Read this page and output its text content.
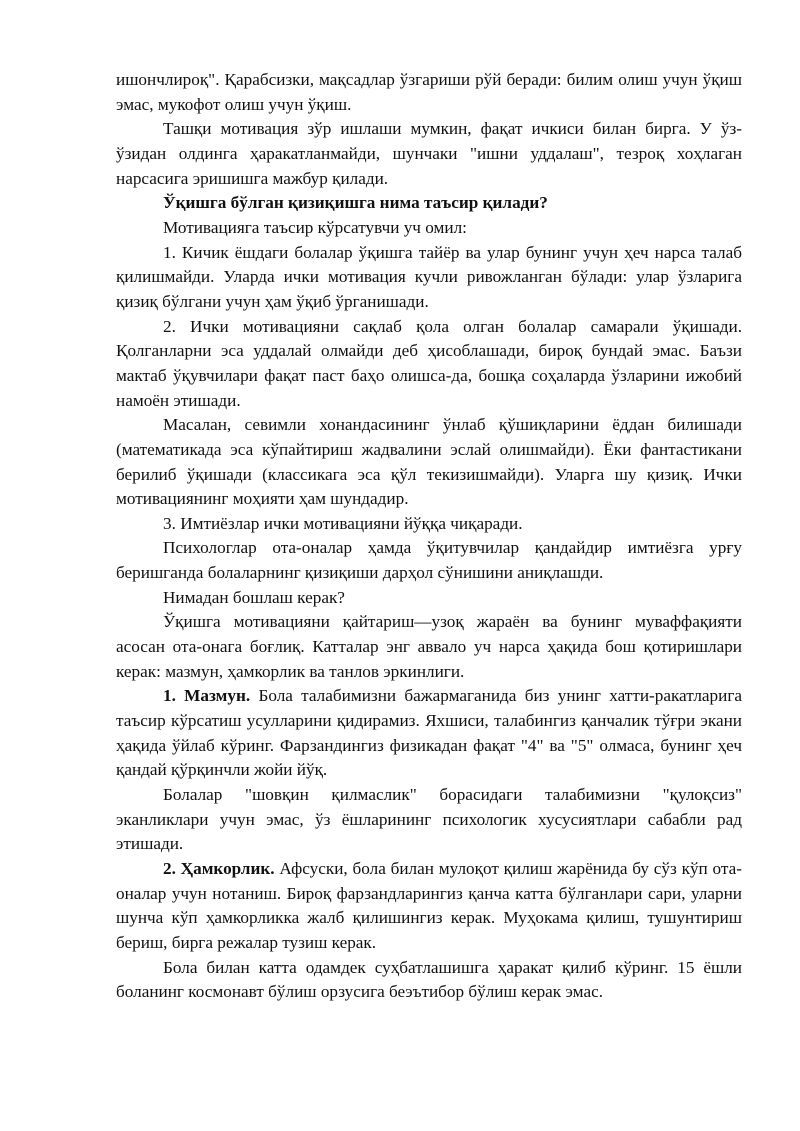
ишончлироқ". Қарабсизки, мақсадлар ўзгариши рўй беради: билим олиш учун ўқиш эмас, мукофот олиш учун ўқиш.

Ташқи мотивация зўр ишлаши мумкин, фақат ичкиси билан бирга. У ўз-ўзидан олдинга ҳаракатланмайди, шунчаки "ишни уддалаш", тезроқ хоҳлаган нарсасига эришишга мажбур қилади.

Ўқишга бўлган қизиқишга нима таъсир қилади?

Мотивацияга таъсир кўрсатувчи уч омил:

1. Кичик ёшдаги болалар ўқишга тайёр ва улар бунинг учун ҳеч нарса талаб қилишмайди. Уларда ички мотивация кучли ривожланган бўлади: улар ўзларига қизиқ бўлгани учун ҳам ўқиб ўрганишади.

2. Ички мотивацияни сақлаб қола олган болалар самарали ўқишади. Қолганларни эса уддалай олмайди деб ҳисоблашади, бироқ бундай эмас. Баъзи мактаб ўқувчилари фақат паст баҳо олишса-да, бошқа соҳаларда ўзларини ижобий намоён этишади.

Масалан, севимли хонандасининг ўнлаб қўшиқларини ёддан билишади (математикада эса кўпайтириш жадвалини эслай олишмайди). Ёки фантастикани берилиб ўқишади (классикага эса қўл текизишмайди). Уларга шу қизиқ. Ички мотивациянинг моҳияти ҳам шундадир.

3. Имтиёзлар ички мотивацияни йўққа чиқаради.

Психологлар ота-оналар ҳамда ўқитувчилар қандайдир имтиёзга урғу беришганда болаларнинг қизиқиши дарҳол сўнишини аниқлашди.

Нимадан бошлаш керак?

Ўқишга мотивацияни қайтариш—узоқ жараён ва бунинг муваффақияти асосан ота-онага боғлиқ. Катталар энг аввало уч нарса ҳақида бош қотиришлари керак: мазмун, ҳамкорлик ва танлов эркинлиги.

1. Мазмун. Бола талабимизни бажармаганида биз унинг хатти-ракатларига таъсир кўрсатиш усулларини қидирамиз. Яхшиси, талабингиз қанчалик тўғри экани ҳақида ўйлаб кўринг. Фарзандингиз физикадан фақат "4" ва "5" олмаса, бунинг ҳеч қандай қўрқинчли жойи йўқ.

Болалар "шовқин қилмаслик" борасидаги талабимизни "қулоқсиз" эканликлари учун эмас, ўз ёшларининг психологик хусусиятлари сабабли рад этишади.

2. Ҳамкорлик. Афсуски, бола билан мулоқот қилиш жарёнида бу сўз кўп ота-оналар учун нотаниш. Бироқ фарзандларингиз қанча катта бўлганлари сари, уларни шунча кўп ҳамкорликка жалб қилишингиз керак. Муҳокама қилиш, тушунтириш бериш, бирга режалар тузиш керак.

Бола билан катта одамдек суҳбатлашишга ҳаракат қилиб кўринг. 15 ёшли боланинг космонавт бўлиш орзусига беэътибор бўлиш керак эмас.
